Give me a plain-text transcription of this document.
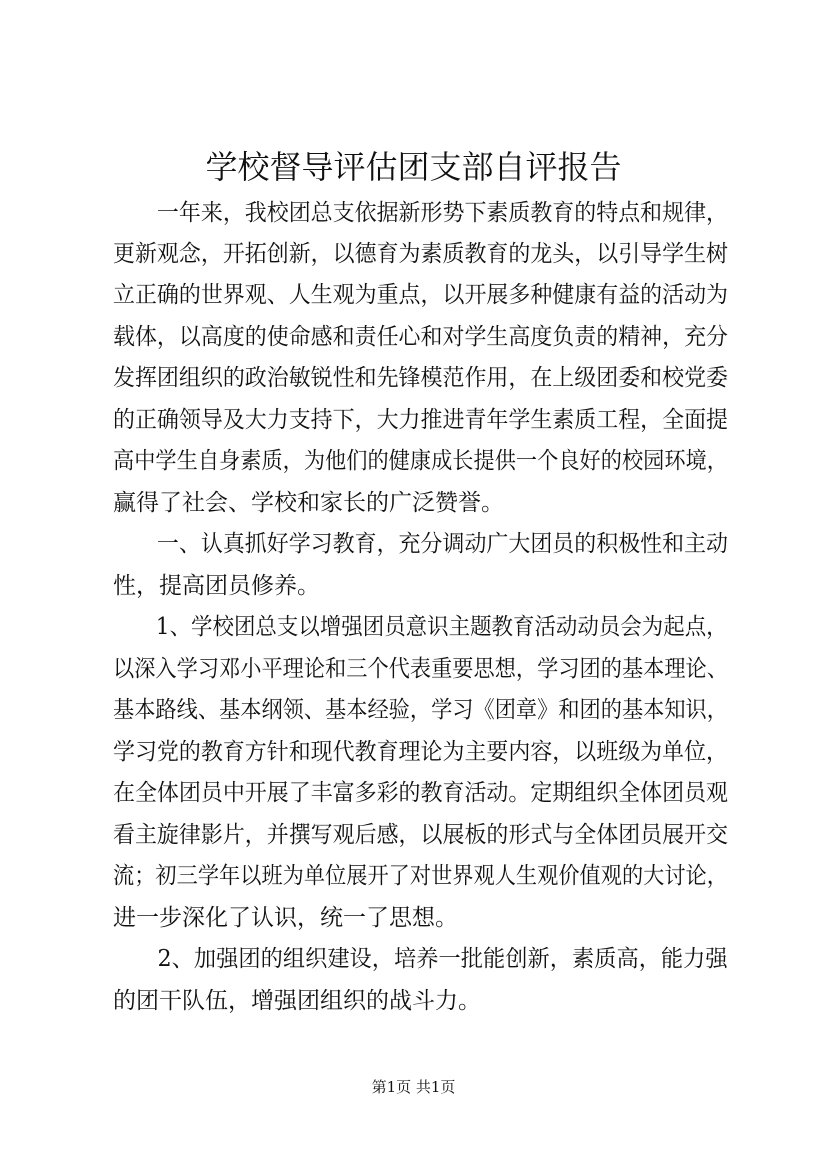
学校督导评估团支部自评报告
　　一年来，我校团总支依据新形势下素质教育的特点和规律，
更新观念，开拓创新，以德育为素质教育的龙头，以引导学生树
立正确的世界观、人生观为重点，以开展多种健康有益的活动为
载体，以高度的使命感和责任心和对学生高度负责的精神，充分
发挥团组织的政治敏锐性和先锋模范作用，在上级团委和校党委
的正确领导及大力支持下，大力推进青年学生素质工程，全面提
高中学生自身素质，为他们的健康成长提供一个良好的校园环境，
赢得了社会、学校和家长的广泛赞誉。
　　一、认真抓好学习教育，充分调动广大团员的积极性和主动
性，提高团员修养。
　　1、学校团总支以增强团员意识主题教育活动动员会为起点，
以深入学习邓小平理论和三个代表重要思想，学习团的基本理论、
基本路线、基本纲领、基本经验，学习《团章》和团的基本知识，
学习党的教育方针和现代教育理论为主要内容，以班级为单位，
在全体团员中开展了丰富多彩的教育活动。定期组织全体团员观
看主旋律影片，并撰写观后感，以展板的形式与全体团员展开交
流；初三学年以班为单位展开了对世界观人生观价值观的大讨论，
进一步深化了认识，统一了思想。
　　2、加强团的组织建设，培养一批能创新，素质高，能力强
的团干队伍，增强团组织的战斗力。
第1页 共1页
